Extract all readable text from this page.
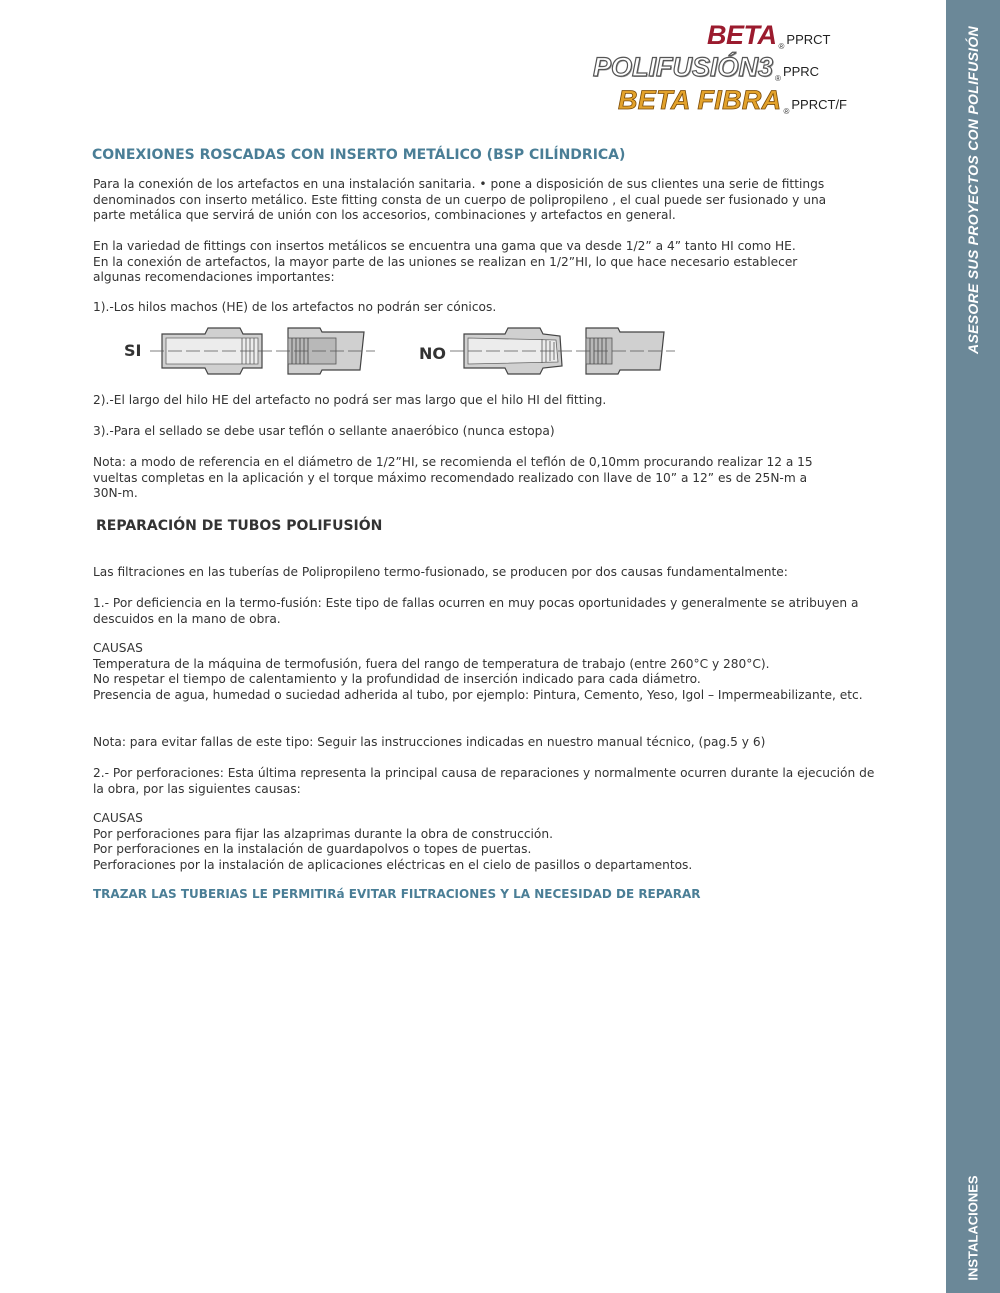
ASESORE SUS PROYECTOS CON POLIFUSIÓN
INSTALACIONES
BETA ® PPRCT
POLIFUSIÓN3 ® PPRC
BETA FIBRA ® PPRCT/F
CONEXIONES ROSCADAS CON INSERTO METÁLICO (BSP CILÍNDRICA)

Para la conexión de los artefactos en una instalación sanitaria. • pone a disposición de sus clientes una serie de fittings
denominados con inserto metálico. Este fitting consta de un cuerpo de polipropileno , el cual puede ser fusionado y una
parte metálica que servirá de unión con los accesorios, combinaciones y artefactos en general.

En la variedad de fittings con insertos metálicos se encuentra una gama que va desde 1/2” a 4” tanto HI como HE.
En la conexión de artefactos, la mayor parte de las uniones se realizan en 1/2”HI, lo que hace necesario establecer
algunas recomendaciones importantes:

1).-Los hilos machos (HE) de los artefactos no podrán ser cónicos.

SI	NO

2).-El largo del hilo HE del artefacto no podrá ser mas largo que el hilo HI del fitting.

3).-Para el sellado se debe usar teflón o sellante anaeróbico (nunca estopa)

Nota: a modo de referencia en el diámetro de 1/2”HI, se recomienda el teflón de 0,10mm procurando realizar 12 a 15
vueltas completas en la aplicación y el torque máximo recomendado realizado con llave de 10” a 12” es de 25N-m a
30N-m.

REPARACIÓN DE TUBOS POLIFUSIÓN

Las filtraciones en las tuberías de Polipropileno termo-fusionado, se producen por dos causas fundamentalmente:

1.- Por deficiencia en la termo-fusión: Este tipo de fallas ocurren en muy pocas oportunidades y generalmente se atribuyen a
descuidos en la mano de obra.

CAUSAS
Temperatura de la máquina de termofusión, fuera del rango de temperatura de trabajo (entre 260°C y 280°C).
No respetar el tiempo de calentamiento y la profundidad de inserción indicado para cada diámetro.
Presencia de agua, humedad o suciedad adherida al tubo, por ejemplo: Pintura, Cemento, Yeso, Igol – Impermeabilizante, etc.

Nota: para evitar fallas de este tipo: Seguir las instrucciones indicadas en nuestro manual técnico, (pag.5 y 6)

2.- Por perforaciones: Esta última representa la principal causa de reparaciones y normalmente ocurren durante la ejecución de
la obra, por las siguientes causas:

CAUSAS
Por perforaciones para fijar las alzaprimas durante la obra de construcción.
Por perforaciones en la instalación de guardapolvos o topes de puertas.
Perforaciones por la instalación de aplicaciones eléctricas en el cielo de pasillos o departamentos.

TRAZAR LAS TUBERIAS LE PERMITIRá EVITAR FILTRACIONES Y LA NECESIDAD DE REPARAR
